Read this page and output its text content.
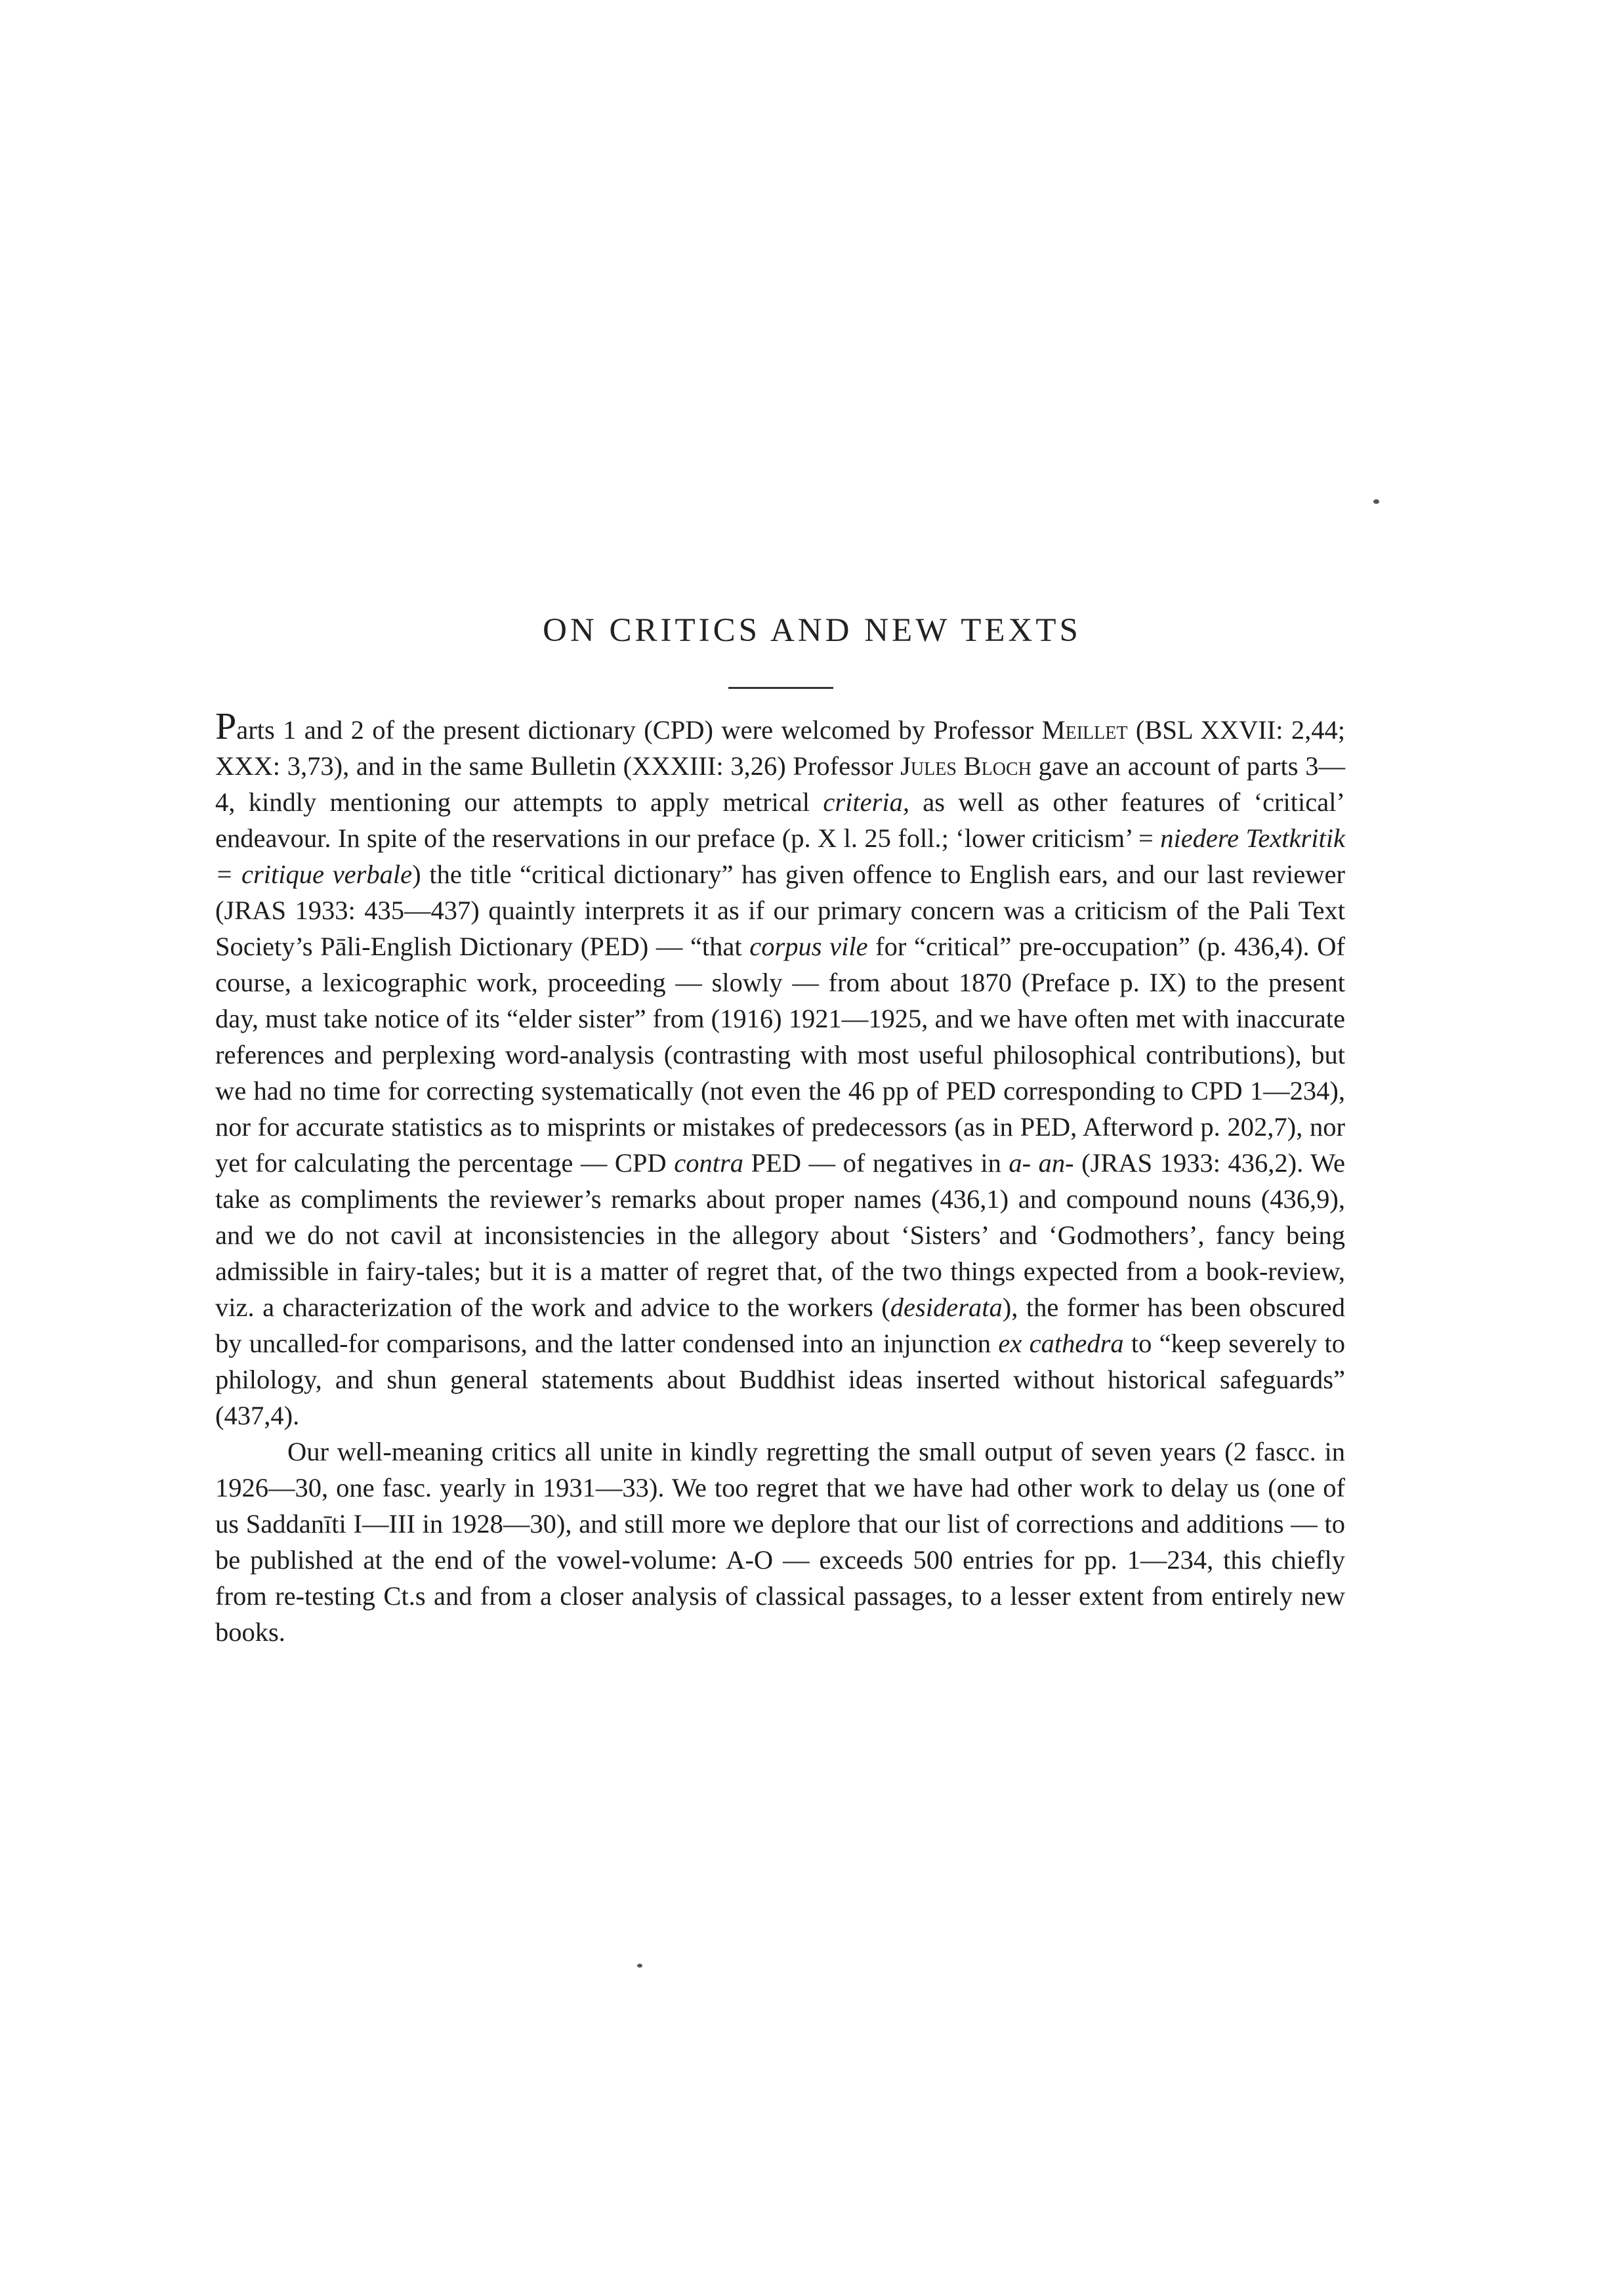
ON CRITICS AND NEW TEXTS

Parts 1 and 2 of the present dictionary (CPD) were welcomed by Professor Meillet (BSL XXVII: 2,44; XXX: 3,73), and in the same Bulletin (XXXIII: 3,26) Professor Jules Bloch gave an account of parts 3—4, kindly mentioning our attempts to apply metrical criteria, as well as other features of ‘critical’ endeavour. In spite of the reservations in our preface (p. X l. 25 foll.; ‘lower criticism’ = niedere Textkritik = critique verbale) the title “critical dictionary” has given offence to English ears, and our last reviewer (JRAS 1933: 435—437) quaintly interprets it as if our primary concern was a criticism of the Pali Text Society’s Pāli-English Dictionary (PED) — “that corpus vile for “critical” pre-occupation” (p. 436,4). Of course, a lexicographic work, proceeding — slowly — from about 1870 (Preface p. IX) to the present day, must take notice of its “elder sister” from (1916) 1921—1925, and we have often met with inaccurate references and perplexing word-analysis (contrasting with most useful philosophical contributions), but we had no time for correcting systematically (not even the 46 pp of PED corresponding to CPD 1—234), nor for accurate statistics as to misprints or mistakes of predecessors (as in PED, Afterword p. 202,7), nor yet for calculating the percentage — CPD contra PED — of negatives in a- an- (JRAS 1933: 436,2). We take as compliments the reviewer’s remarks about proper names (436,1) and compound nouns (436,9), and we do not cavil at inconsistencies in the allegory about ‘Sisters’ and ‘Godmothers’, fancy being admissible in fairy-tales; but it is a matter of regret that, of the two things expected from a book-review, viz. a characterization of the work and advice to the workers (desiderata), the former has been obscured by uncalled-for comparisons, and the latter condensed into an injunction ex cathedra to “keep severely to philology, and shun general statements about Buddhist ideas inserted without historical safeguards” (437,4).

Our well-meaning critics all unite in kindly regretting the small output of seven years (2 fascc. in 1926—30, one fasc. yearly in 1931—33). We too regret that we have had other work to delay us (one of us Saddanīti I—III in 1928—30), and still more we deplore that our list of corrections and additions — to be published at the end of the vowel-volume: A-O — exceeds 500 entries for pp. 1—234, this chiefly from re-testing Ct.s and from a closer analysis of classical passages, to a lesser extent from entirely new books.
